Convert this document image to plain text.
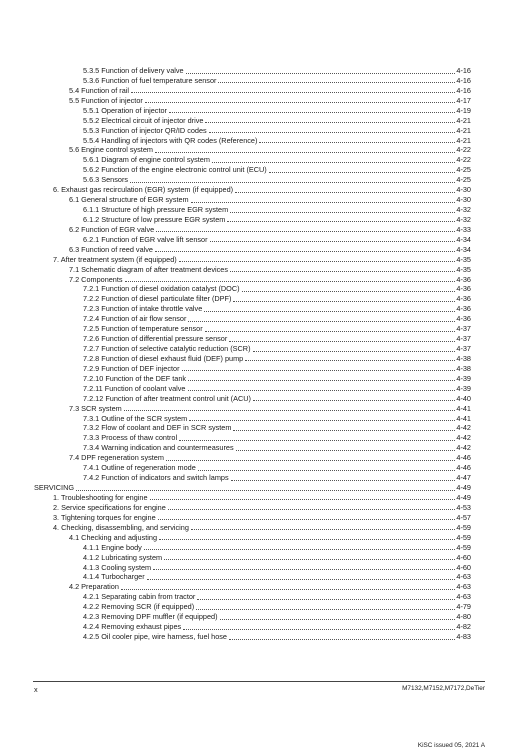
5.3.5 Function of delivery valve	4-16
5.3.6 Function of fuel temperature sensor	4-16
5.4 Function of rail	4-16
5.5 Function of injector	4-17
5.5.1 Operation of injector	4-19
5.5.2 Electrical circuit of injector drive	4-21
5.5.3 Function of injector QR/ID codes	4-21
5.5.4 Handling of injectors with QR codes (Reference)	4-21
5.6 Engine control system	4-22
5.6.1 Diagram of engine control system	4-22
5.6.2 Function of the engine electronic control unit (ECU)	4-25
5.6.3 Sensors	4-25
6. Exhaust gas recirculation (EGR) system (if equipped)	4-30
6.1 General structure of EGR system	4-30
6.1.1 Structure of high pressure EGR system	4-32
6.1.2 Structure of low pressure EGR system	4-32
6.2 Function of EGR valve	4-33
6.2.1 Function of EGR valve lift sensor	4-34
6.3 Function of reed valve	4-34
7. After treatment system (if equipped)	4-35
7.1 Schematic diagram of after treatment devices	4-35
7.2 Components	4-36
7.2.1 Function of diesel oxidation catalyst (DOC)	4-36
7.2.2 Function of diesel particulate filter (DPF)	4-36
7.2.3 Function of intake throttle valve	4-36
7.2.4 Function of air flow sensor	4-36
7.2.5 Function of temperature sensor	4-37
7.2.6 Function of differential pressure sensor	4-37
7.2.7 Function of selective catalytic reduction (SCR)	4-37
7.2.8 Function of diesel exhaust fluid (DEF) pump	4-38
7.2.9 Function of DEF injector	4-38
7.2.10 Function of the DEF tank	4-39
7.2.11 Function of coolant valve	4-39
7.2.12 Function of after treatment control unit (ACU)	4-40
7.3 SCR system	4-41
7.3.1 Outline of the SCR system	4-41
7.3.2 Flow of coolant and DEF in SCR system	4-42
7.3.3 Process of thaw control	4-42
7.3.4 Warning indication and countermeasures	4-42
7.4 DPF regeneration system	4-46
7.4.1 Outline of regeneration mode	4-46
7.4.2 Function of indicators and switch lamps	4-47
SERVICING	4-49
1. Troubleshooting for engine	4-49
2. Service specifications for engine	4-53
3. Tightening torques for engine	4-57
4. Checking, disassembling, and servicing	4-59
4.1 Checking and adjusting	4-59
4.1.1 Engine body	4-59
4.1.2 Lubricating system	4-60
4.1.3 Cooling system	4-60
4.1.4 Turbocharger	4-63
4.2 Preparation	4-63
4.2.1 Separating cabin from tractor	4-63
4.2.2 Removing SCR (if equipped)	4-79
4.2.3 Removing DPF muffler (if equipped)	4-80
4.2.4 Removing exhaust pipes	4-82
4.2.5 Oil cooler pipe, wire harness, fuel hose	4-83
x	M7132,M7152,M7172,DeTier
KiSC issued 05, 2021 A
